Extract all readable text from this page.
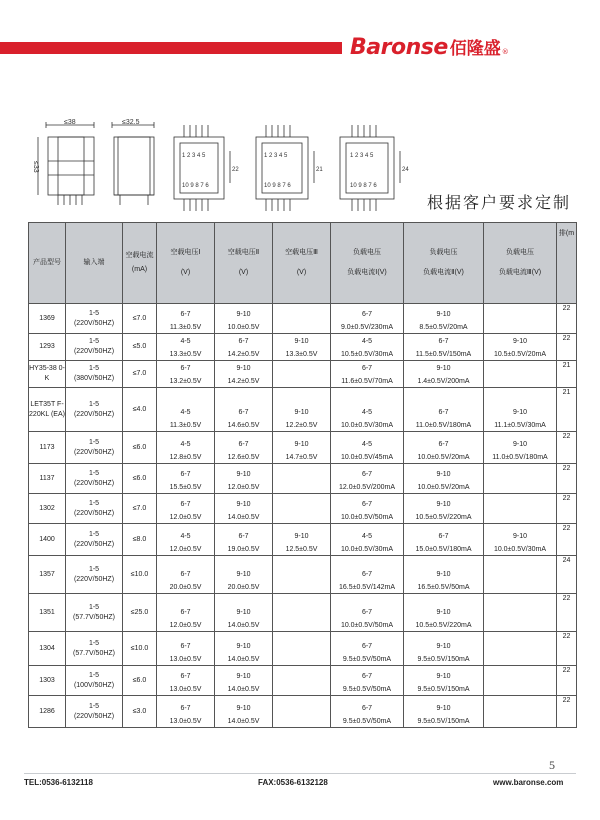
Baronse 佰隆盛 ®
≤38
≤33
≤32.5
1 2 3 4 5
10 9 8 7 6
22
1 2 3 4 5
10 9 8 7 6
21
1 2 3 4 5
10 9 8 7 6
24
根据客户要求定制
产品型号	输入端	空载电流(mA)	空载电压Ⅰ
(V)	空载电压Ⅱ
(V)	空载电压Ⅲ
(V)	负载电压
负载电流Ⅰ(V)	负载电压
负载电流Ⅱ(V)	负载电压
负载电流Ⅲ(V)	排(m

1369	1-5
(220V/50HZ)	≤7.0	6-7
11.3±0.5V	9-10
10.0±0.5V		6-7
9.0±0.5V/230mA	9-10
8.5±0.5V/20mA		22

1293	1-5
(220V/50HZ)	≤5.0	4-5
13.3±0.5V	6-7
14.2±0.5V	9-10
13.3±0.5V	4-5
10.5±0.5V/30mA	6-7
11.5±0.5V/150mA	9-10
10.5±0.5V/20mA	22

HY35-38 0-K	1-5
(380V/50HZ)	≤7.0	6-7
13.2±0.5V	9-10
14.2±0.5V		6-7
11.6±0.5V/70mA	9-10
1.4±0.5V/200mA		21

LET35T F-220KL (EA)	1-5
(220V/50HZ)	≤4.0	4-5
11.3±0.5V	6-7
14.6±0.5V	9-10
12.2±0.5V	4-5
10.0±0.5V/30mA	6-7
11.0±0.5V/180mA	9-10
11.1±0.5V/30mA	21

1173	1-5
(220V/50HZ)	≤6.0	4-5
12.8±0.5V	6-7
12.6±0.5V	9-10
14.7±0.5V	4-5
10.0±0.5V/45mA	6-7
10.0±0.5V/20mA	9-10
11.0±0.5V/180mA	22

1137	1-5
(220V/50HZ)	≤6.0	6-7
15.5±0.5V	9-10
12.0±0.5V		6-7
12.0±0.5V/200mA	9-10
10.0±0.5V/20mA		22

1302	1-5
(220V/50HZ)	≤7.0	6-7
12.0±0.5V	9-10
14.0±0.5V		6-7
10.0±0.5V/50mA	9-10
10.5±0.5V/220mA		22

1400	1-5
(220V/50HZ)	≤8.0	4-5
12.0±0.5V	6-7
19.0±0.5V	9-10
12.5±0.5V	4-5
10.0±0.5V/30mA	6-7
15.0±0.5V/180mA	9-10
10.0±0.5V/30mA	22

1357	1-5
(220V/50HZ)	≤10.0	6-7
20.0±0.5V	9-10
20.0±0.5V		6-7
16.5±0.5V/142mA	9-10
16.5±0.5V/50mA		24

1351	1-5
(57.7V/50HZ)	≤25.0	6-7
12.0±0.5V	9-10
14.0±0.5V		6-7
10.0±0.5V/50mA	9-10
10.5±0.5V/220mA		22

1304	1-5
(57.7V/50HZ)	≤10.0	6-7
13.0±0.5V	9-10
14.0±0.5V		6-7
9.5±0.5V/50mA	9-10
9.5±0.5V/150mA		22

1303	1-5
(100V/50HZ)	≤6.0	6-7
13.0±0.5V	9-10
14.0±0.5V		6-7
9.5±0.5V/50mA	9-10
9.5±0.5V/150mA		22

1286	1-5
(220V/50HZ)	≤3.0	6-7
13.0±0.5V	9-10
14.0±0.5V		6-7
9.5±0.5V/50mA	9-10
9.5±0.5V/150mA		22
5
TEL:0536-6132118	FAX:0536-6132128	www.baronse.com
